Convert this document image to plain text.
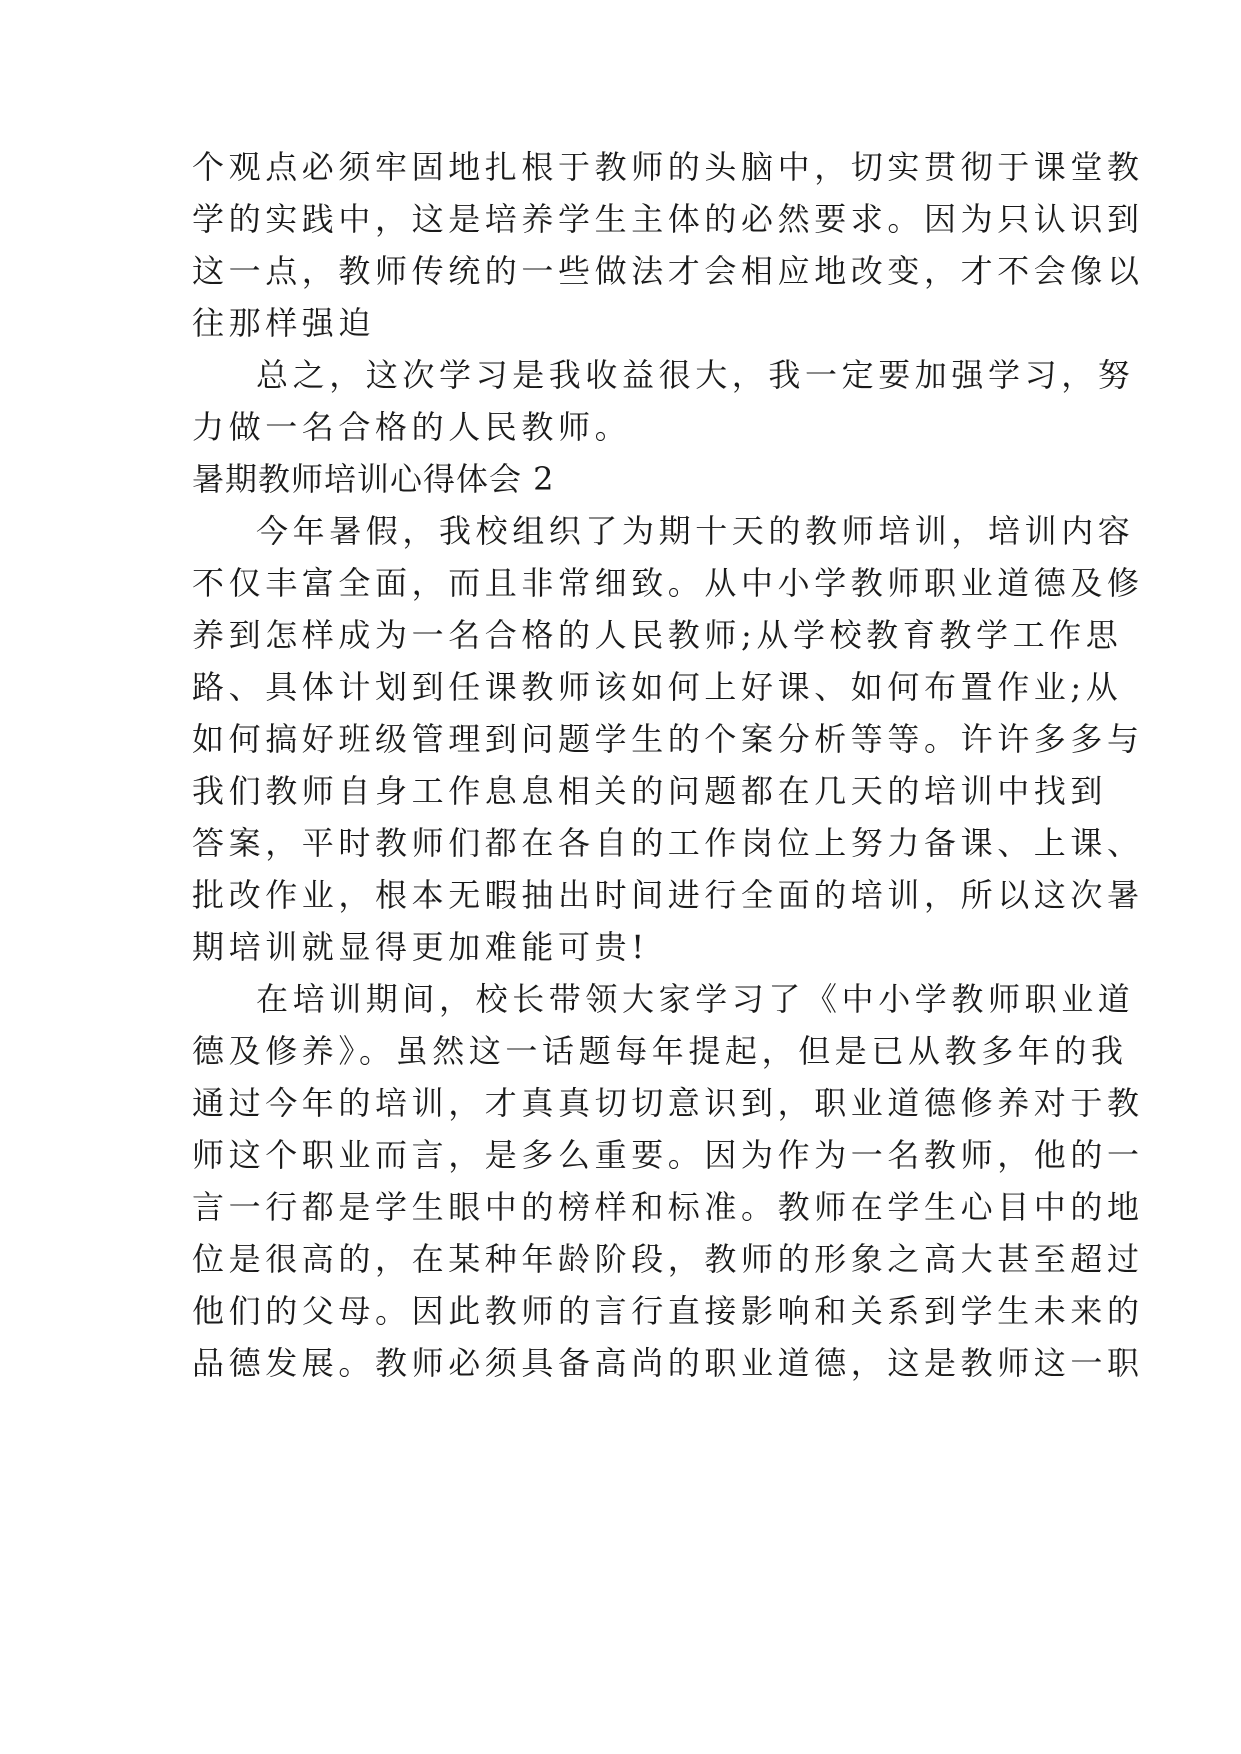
个观点必须牢固地扎根于教师的头脑中，切实贯彻于课堂教
学的实践中，这是培养学生主体的必然要求。因为只认识到
这一点，教师传统的一些做法才会相应地改变，才不会像以
往那样强迫
总之，这次学习是我收益很大，我一定要加强学习，努
力做一名合格的人民教师。
暑期教师培训心得体会 2
今年暑假，我校组织了为期十天的教师培训，培训内容
不仅丰富全面，而且非常细致。从中小学教师职业道德及修
养到怎样成为一名合格的人民教师;从学校教育教学工作思
路、具体计划到任课教师该如何上好课、如何布置作业;从
如何搞好班级管理到问题学生的个案分析等等。许许多多与
我们教师自身工作息息相关的问题都在几天的培训中找到
答案，平时教师们都在各自的工作岗位上努力备课、上课、
批改作业，根本无暇抽出时间进行全面的培训，所以这次暑
期培训就显得更加难能可贵!
在培训期间，校长带领大家学习了《中小学教师职业道
德及修养》。虽然这一话题每年提起，但是已从教多年的我
通过今年的培训，才真真切切意识到，职业道德修养对于教
师这个职业而言，是多么重要。因为作为一名教师，他的一
言一行都是学生眼中的榜样和标准。教师在学生心目中的地
位是很高的，在某种年龄阶段，教师的形象之高大甚至超过
他们的父母。因此教师的言行直接影响和关系到学生未来的
品德发展。教师必须具备高尚的职业道德，这是教师这一职
